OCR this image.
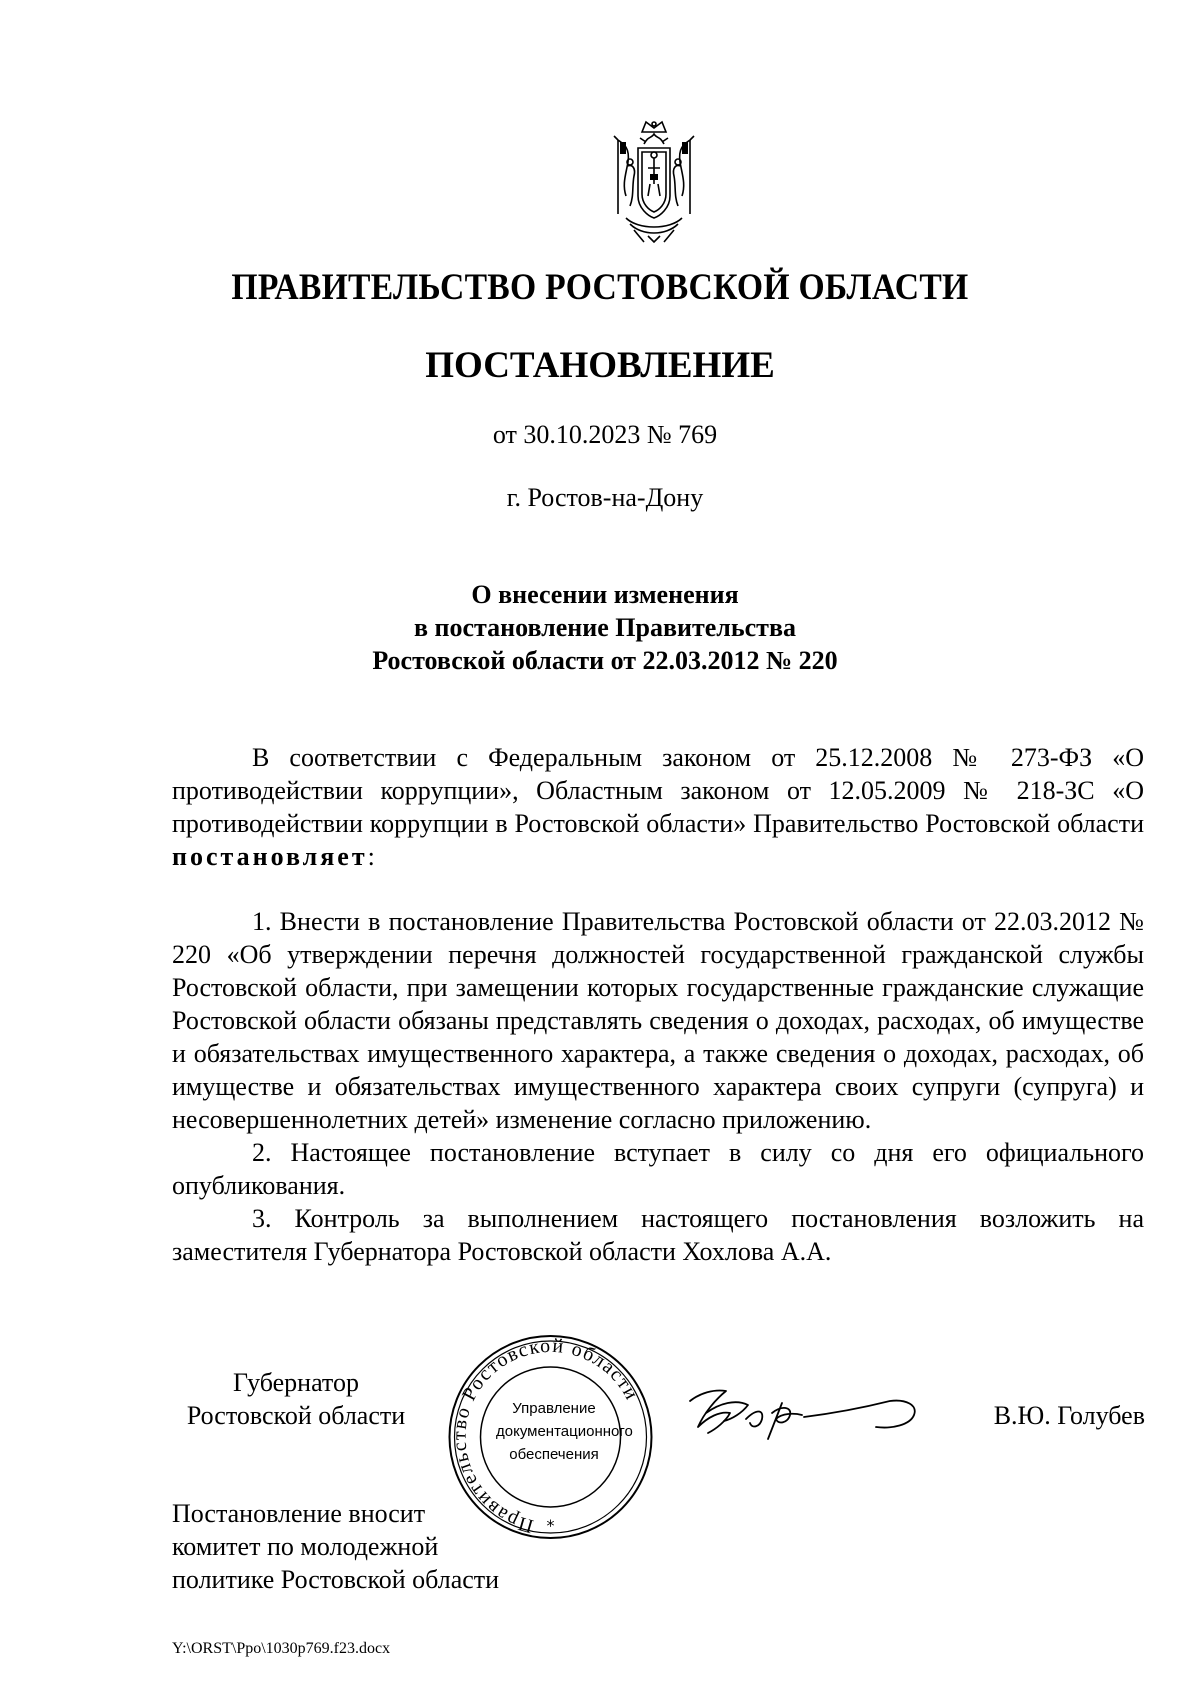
ПРАВИТЕЛЬСТВО РОСТОВСКОЙ ОБЛАСТИ
ПОСТАНОВЛЕНИЕ
от 30.10.2023 № 769
г. Ростов-на-Дону
О внесении изменения
в постановление Правительства
Ростовской области от 22.03.2012 № 220

В соответствии с Федеральным законом от 25.12.2008 № 273-ФЗ «О противодействии коррупции», Областным законом от 12.05.2009 № 218-ЗС «О противодействии коррупции в Ростовской области» Правительство Ростовской области постановляет:

1. Внести в постановление Правительства Ростовской области от 22.03.2012 № 220 «Об утверждении перечня должностей государственной гражданской службы Ростовской области, при замещении которых государственные гражданские служащие Ростовской области обязаны представлять сведения о доходах, расходах, об имуществе и обязательствах имущественного характера, а также сведения о доходах, расходах, об имуществе и обязательствах имущественного характера своих супруги (супруга) и несовершеннолетних детей» изменение согласно приложению.

2. Настоящее постановление вступает в силу со дня его официального опубликования.

3. Контроль за выполнением настоящего постановления возложить на заместителя Губернатора Ростовской области Хохлова А.А.

Губернатор
Ростовской области
Правительство Ростовской области
*
Управление
документационного
обеспечения
В.Ю. Голубев
Постановление вносит
комитет по молодежной
политике Ростовской области
Y:\ORST\Ppo\1030p769.f23.docx
